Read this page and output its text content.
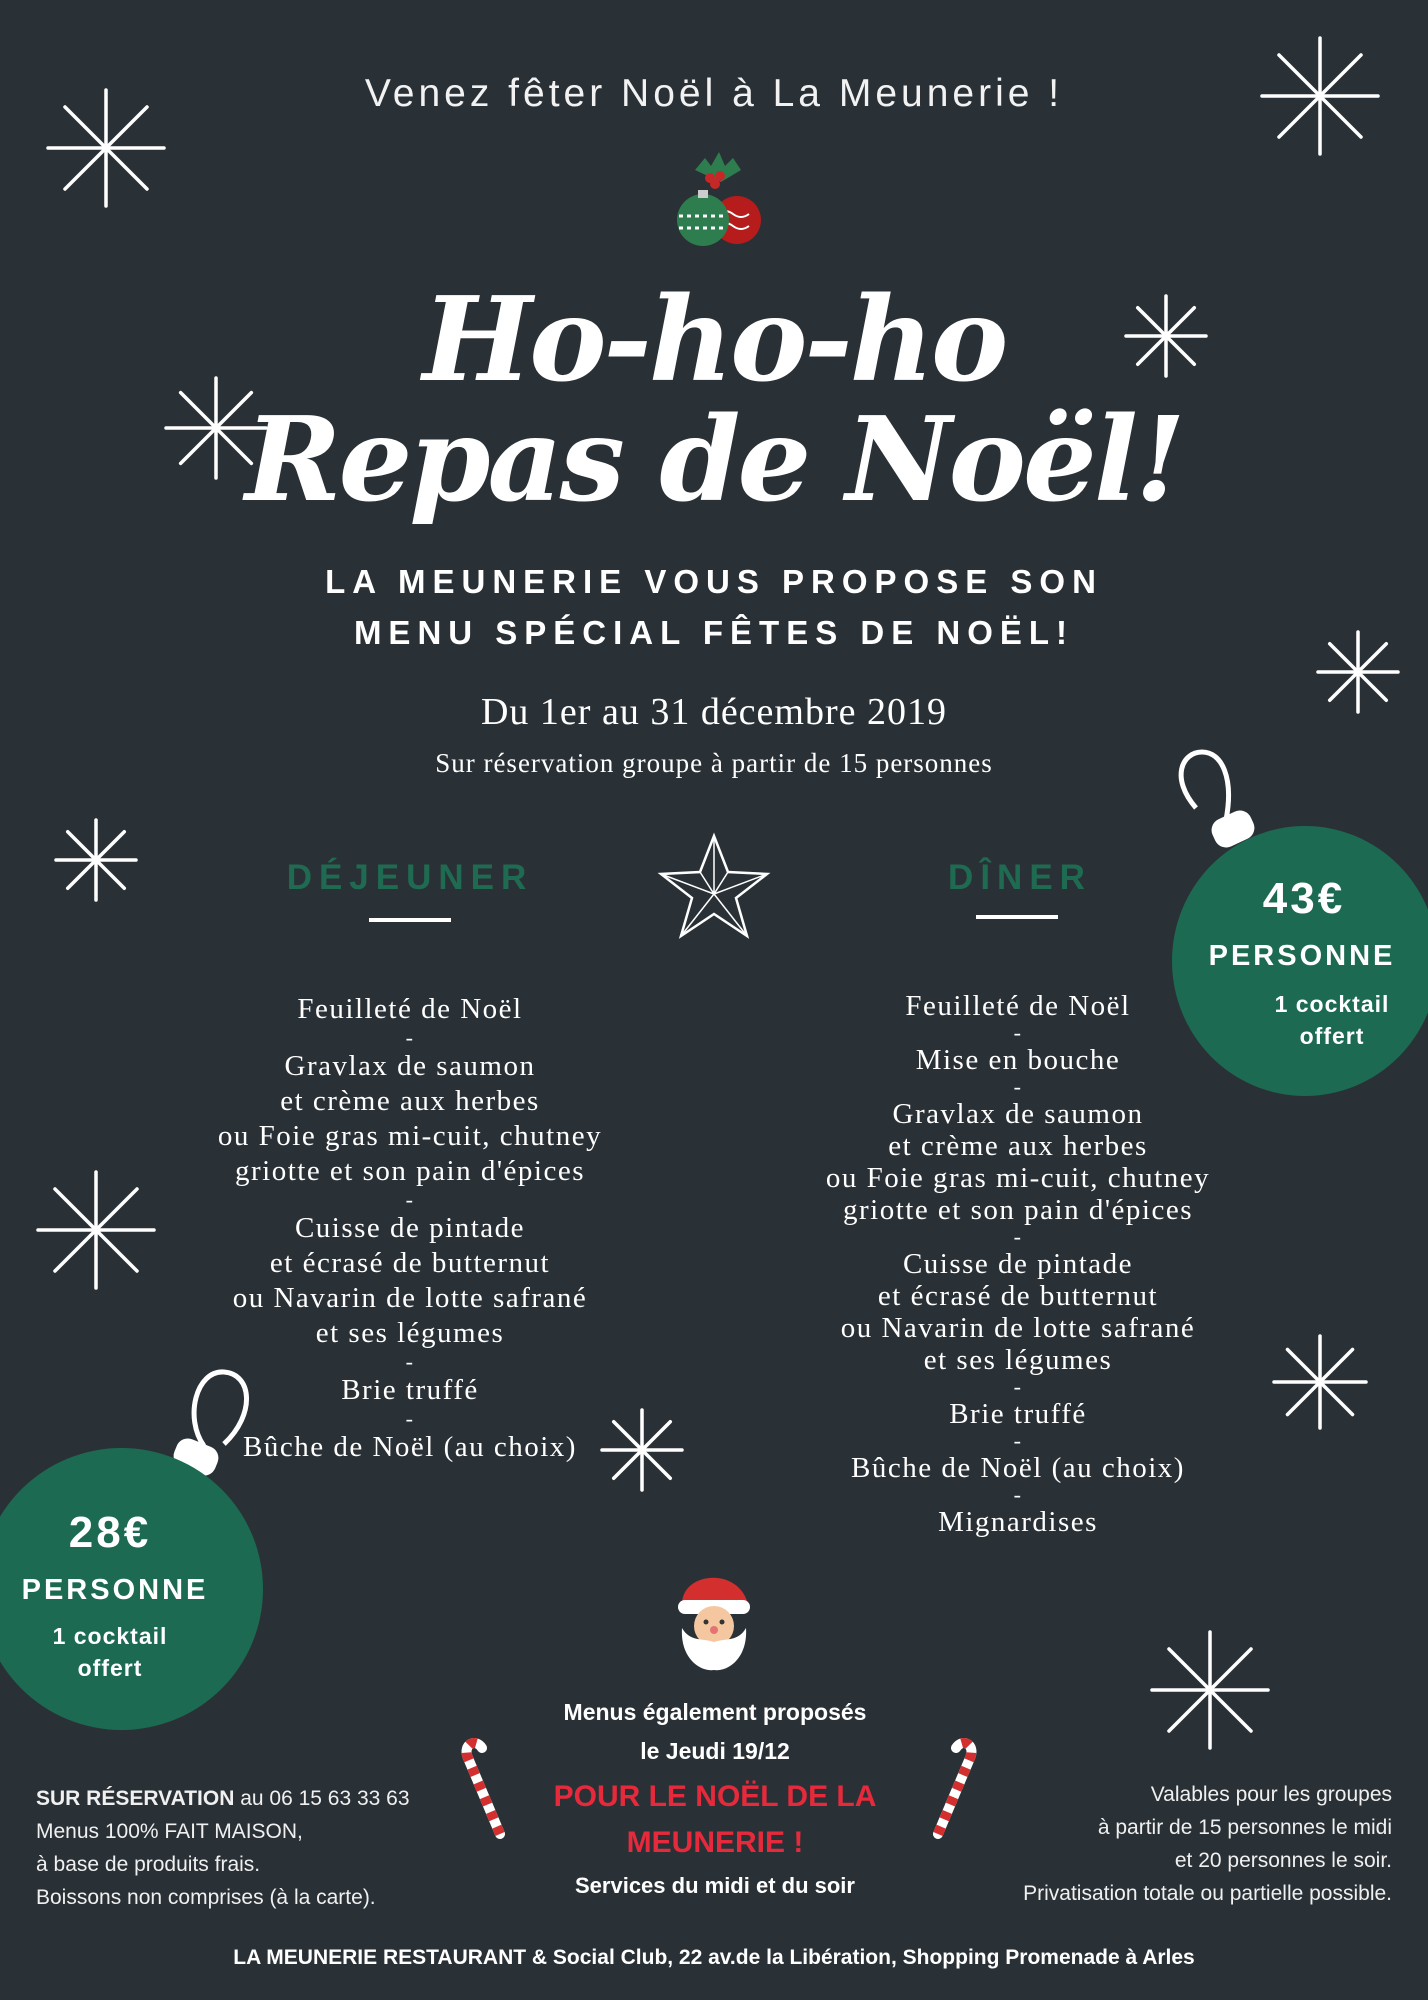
Venez fêter Noël à La Meunerie !
Ho-ho-ho
Repas de Noël!
LA MEUNERIE VOUS PROPOSE SON
MENU SPÉCIAL FÊTES DE NOËL!
Du 1er au 31 décembre 2019
Sur réservation groupe à partir de 15 personnes
DÉJEUNER	DÎNER
Feuilleté de Noël
-
Gravlax de saumon
et crème aux herbes
ou Foie gras mi-cuit, chutney
griotte et son pain d'épices
-
Cuisse de pintade
et écrasé de butternut
ou Navarin de lotte safrané
et ses légumes
-
Brie truffé
-
Bûche de Noël (au choix)
Feuilleté de Noël
-
Mise en bouche
-
Gravlax de saumon
et crème aux herbes
ou Foie gras mi-cuit, chutney
griotte et son pain d'épices
-
Cuisse de pintade
et écrasé de butternut
ou Navarin de lotte safrané
et ses légumes
-
Brie truffé
-
Bûche de Noël (au choix)
-
Mignardises
43€
PERSONNE
1 cocktail
offert
28€
PERSONNE
1 cocktail
offert
Menus également proposés
le Jeudi 19/12
POUR LE NOËL DE LA
MEUNERIE !
Services du midi et du soir
SUR RÉSERVATION au 06 15 63 33 63
Menus 100% FAIT MAISON,
à base de produits frais.
Boissons non comprises (à la carte).
Valables pour les groupes
à partir de 15 personnes le midi
et 20 personnes le soir.
Privatisation totale ou partielle possible.
LA MEUNERIE RESTAURANT & Social Club, 22 av.de la Libération, Shopping Promenade à Arles
